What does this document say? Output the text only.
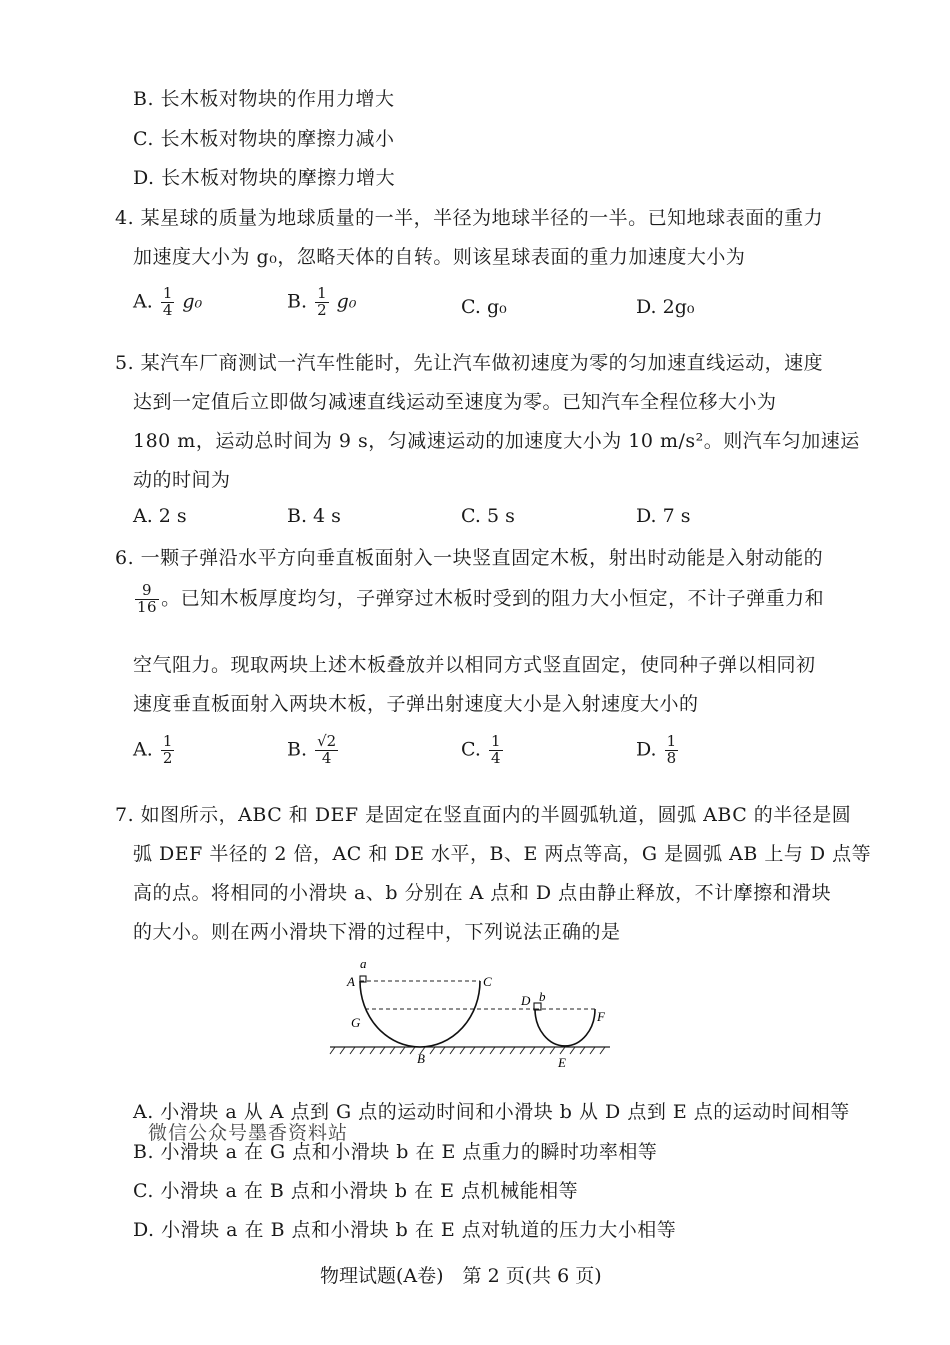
B. 长木板对物块的作用力增大
C. 长木板对物块的摩擦力减小
D. 长木板对物块的摩擦力增大
4. 某星球的质量为地球质量的一半，半径为地球半径的一半。已知地球表面的重力
加速度大小为 g₀，忽略天体的自转。则该星球表面的重力加速度大小为
A. $\frac{1}{4} g_0$	B. $\frac{1}{2} g_0$	C. g₀	D. 2g₀
5. 某汽车厂商测试一汽车性能时，先让汽车做初速度为零的匀加速直线运动，速度
达到一定值后立即做匀减速直线运动至速度为零。已知汽车全程位移大小为
180 m，运动总时间为 9 s，匀减速运动的加速度大小为 10 m/s²。则汽车匀加速运
动的时间为
A. 2 s	B. 4 s	C. 5 s	D. 7 s
6. 一颗子弹沿水平方向垂直板面射入一块竖直固定木板，射出时动能是入射动能的
$\frac{9}{16}$ 。已知木板厚度均匀，子弹穿过木板时受到的阻力大小恒定，不计子弹重力和
空气阻力。现取两块上述木板叠放并以相同方式竖直固定，使同种子弹以相同初
速度垂直板面射入两块木板，子弹出射速度大小是入射速度大小的
A. $\frac{1}{2}$	B. $\frac{√2}{4}$	C. $\frac{1}{4}$	D. $\frac{1}{8}$
7. 如图所示，ABC 和 DEF 是固定在竖直面内的半圆弧轨道，圆弧 ABC 的半径是圆
弧 DEF 半径的 2 倍，AC 和 DE 水平，B、E 两点等高，G 是圆弧 AB 上与 D 点等
高的点。将相同的小滑块 a、b 分别在 A 点和 D 点由静止释放，不计摩擦和滑块
的大小。则在两小滑块下滑的过程中，下列说法正确的是
a
A	C
G
B
D b
F
E
A. 小滑块 a 从 A 点到 G 点的运动时间和小滑块 b 从 D 点到 E 点的运动时间相等
微信公众号墨香资料站
B. 小滑块 a 在 G 点和小滑块 b 在 E 点重力的瞬时功率相等
C. 小滑块 a 在 B 点和小滑块 b 在 E 点机械能相等
D. 小滑块 a 在 B 点和小滑块 b 在 E 点对轨道的压力大小相等
物理试题(A卷)　第 2 页(共 6 页)
